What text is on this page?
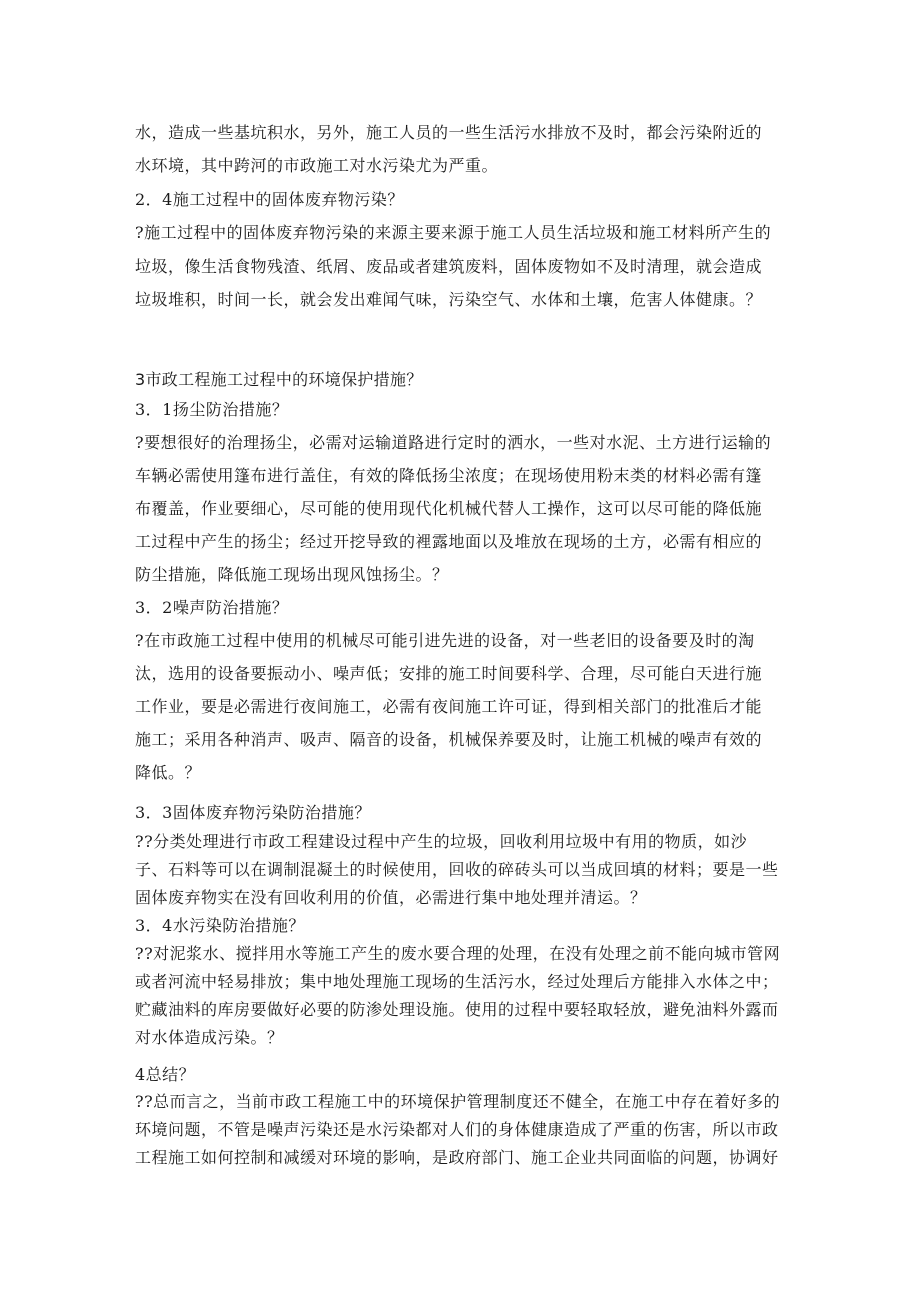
水，造成一些基坑积水，另外，施工人员的一些生活污水排放不及时，都会污染附近的
水环境，其中跨河的市政施工对水污染尤为严重。
2．4施工过程中的固体废弃物污染？
?施工过程中的固体废弃物污染的来源主要来源于施工人员生活垃圾和施工材料所产生的
垃圾，像生活食物残渣、纸屑、废品或者建筑废料，固体废物如不及时清理，就会造成
垃圾堆积，时间一长，就会发出难闻气味，污染空气、水体和土壤，危害人体健康。？
3市政工程施工过程中的环境保护措施？
3．1扬尘防治措施？
?要想很好的治理扬尘，必需对运输道路进行定时的洒水，一些对水泥、土方进行运输的
车辆必需使用篷布进行盖住，有效的降低扬尘浓度；在现场使用粉末类的材料必需有篷
布覆盖，作业要细心，尽可能的使用现代化机械代替人工操作，这可以尽可能的降低施
工过程中产生的扬尘；经过开挖导致的裡露地面以及堆放在现场的土方，必需有相应的
防尘措施，降低施工现场出现风蚀扬尘。？
3．2噪声防治措施？
?在市政施工过程中使用的机械尽可能引进先进的设备，对一些老旧的设备要及时的淘
汰，选用的设备要振动小、噪声低；安排的施工时间要科学、合理，尽可能白天进行施
工作业，要是必需进行夜间施工，必需有夜间施工许可证，得到相关部门的批准后才能
施工；采用各种消声、吸声、隔音的设备，机械保养要及时，让施工机械的噪声有效的
降低。？
3．3固体废弃物污染防治措施？
??分类处理进行市政工程建设过程中产生的垃圾，回收利用垃圾中有用的物质，如沙
子、石料等可以在调制混凝土的时候使用，回收的碎砖头可以当成回填的材料；要是一些
固体废弃物实在没有回收利用的价值，必需进行集中地处理并清运。？
3．4水污染防治措施？
??对泥浆水、搅拌用水等施工产生的废水要合理的处理，在没有处理之前不能向城市管网
或者河流中轻易排放；集中地处理施工现场的生活污水，经过处理后方能排入水体之中；
贮藏油料的库房要做好必要的防渗处理设施。使用的过程中要轻取轻放，避免油料外露而
对水体造成污染。？
4总结？
??总而言之，当前市政工程施工中的环境保护管理制度还不健全，在施工中存在着好多的
环境问题，不管是噪声污染还是水污染都对人们的身体健康造成了严重的伤害，所以市政
工程施工如何控制和减缓对环境的影响，是政府部门、施工企业共同面临的问题，协调好
